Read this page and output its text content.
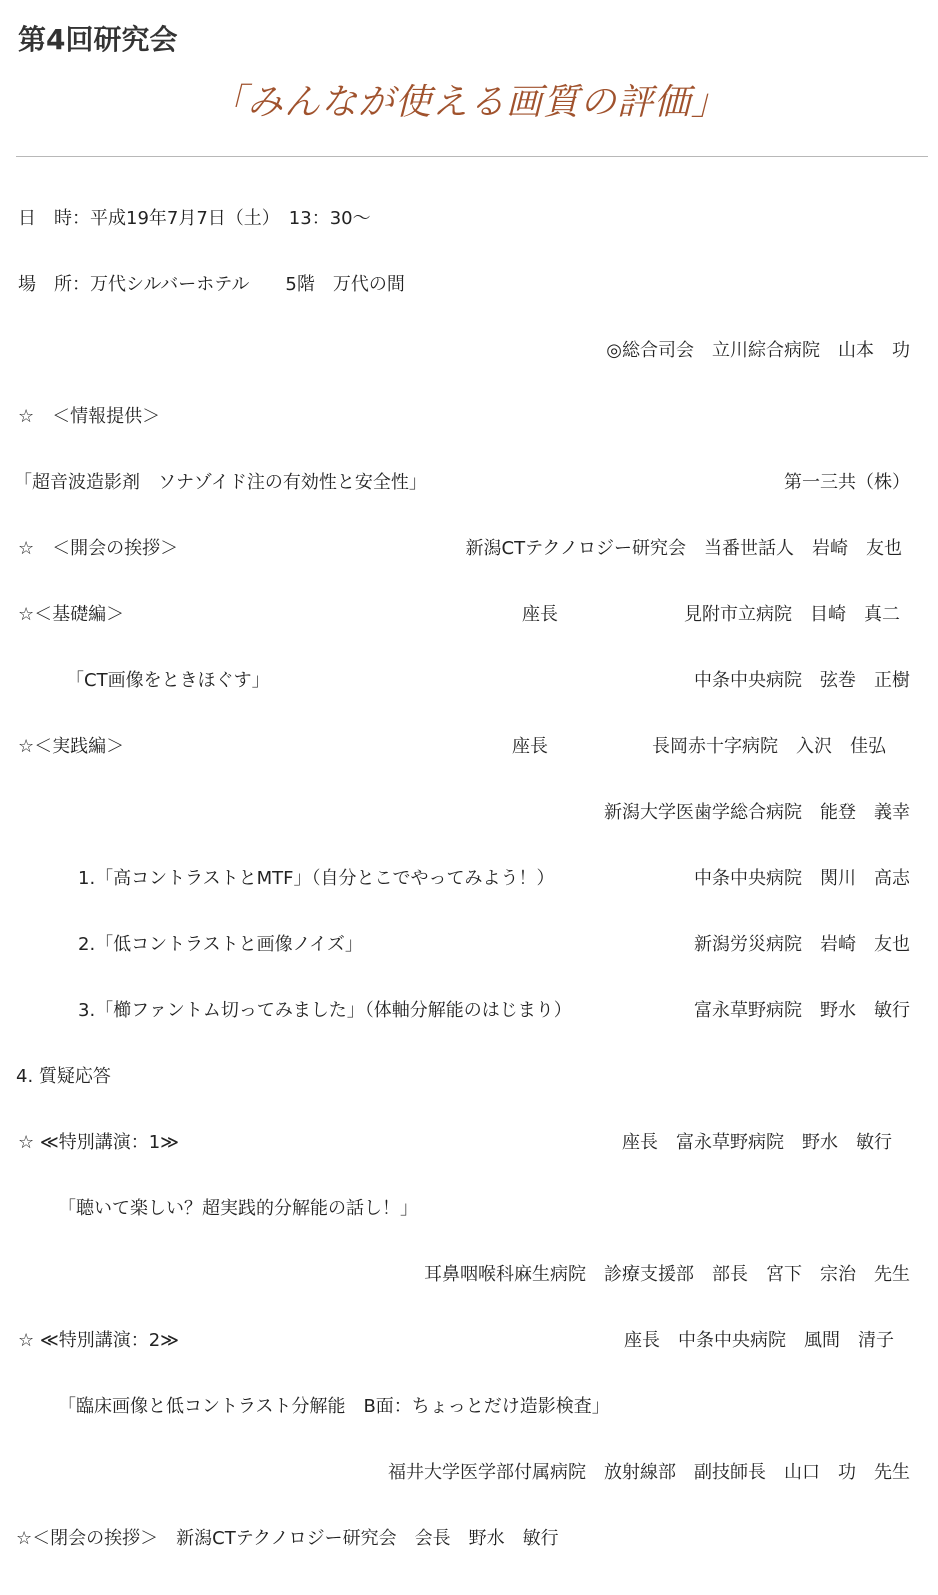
第4回研究会
「みんなが使える画質の評価」
日　時：平成19年7月7日（土）　13：30～
場　所：万代シルバーホテル　　5階　万代の間
◎総合司会　立川綜合病院　山本　功
☆　＜情報提供＞
「超音波造影剤　ソナゾイド注の有効性と安全性」	第一三共（株）
☆　＜開会の挨拶＞	新潟CTテクノロジー研究会　当番世話人　岩崎　友也
☆＜基礎編＞	座長	見附市立病院　目崎　真二
「CT画像をときほぐす」	中条中央病院　弦巻　正樹
☆＜実践編＞	座長	長岡赤十字病院　入沢　佳弘
新潟大学医歯学総合病院　能登　義幸
1.「高コントラストとMTF」（自分とこでやってみよう！）	中条中央病院　関川　高志
2.「低コントラストと画像ノイズ」	新潟労災病院　岩崎　友也
3.「櫛ファントム切ってみました」（体軸分解能のはじまり）	富永草野病院　野水　敏行
4. 質疑応答
☆ ≪特別講演：1≫	座長　富永草野病院　野水　敏行
「聴いて楽しい？超実践的分解能の話し！」
耳鼻咽喉科麻生病院　診療支援部　部長　宮下　宗治　先生
☆ ≪特別講演：2≫	座長　中条中央病院　風間　清子
「臨床画像と低コントラスト分解能　B面：ちょっとだけ造影検査」
福井大学医学部付属病院　放射線部　副技師長　山口　功　先生
☆＜閉会の挨拶＞　新潟CTテクノロジー研究会　会長　野水　敏行
